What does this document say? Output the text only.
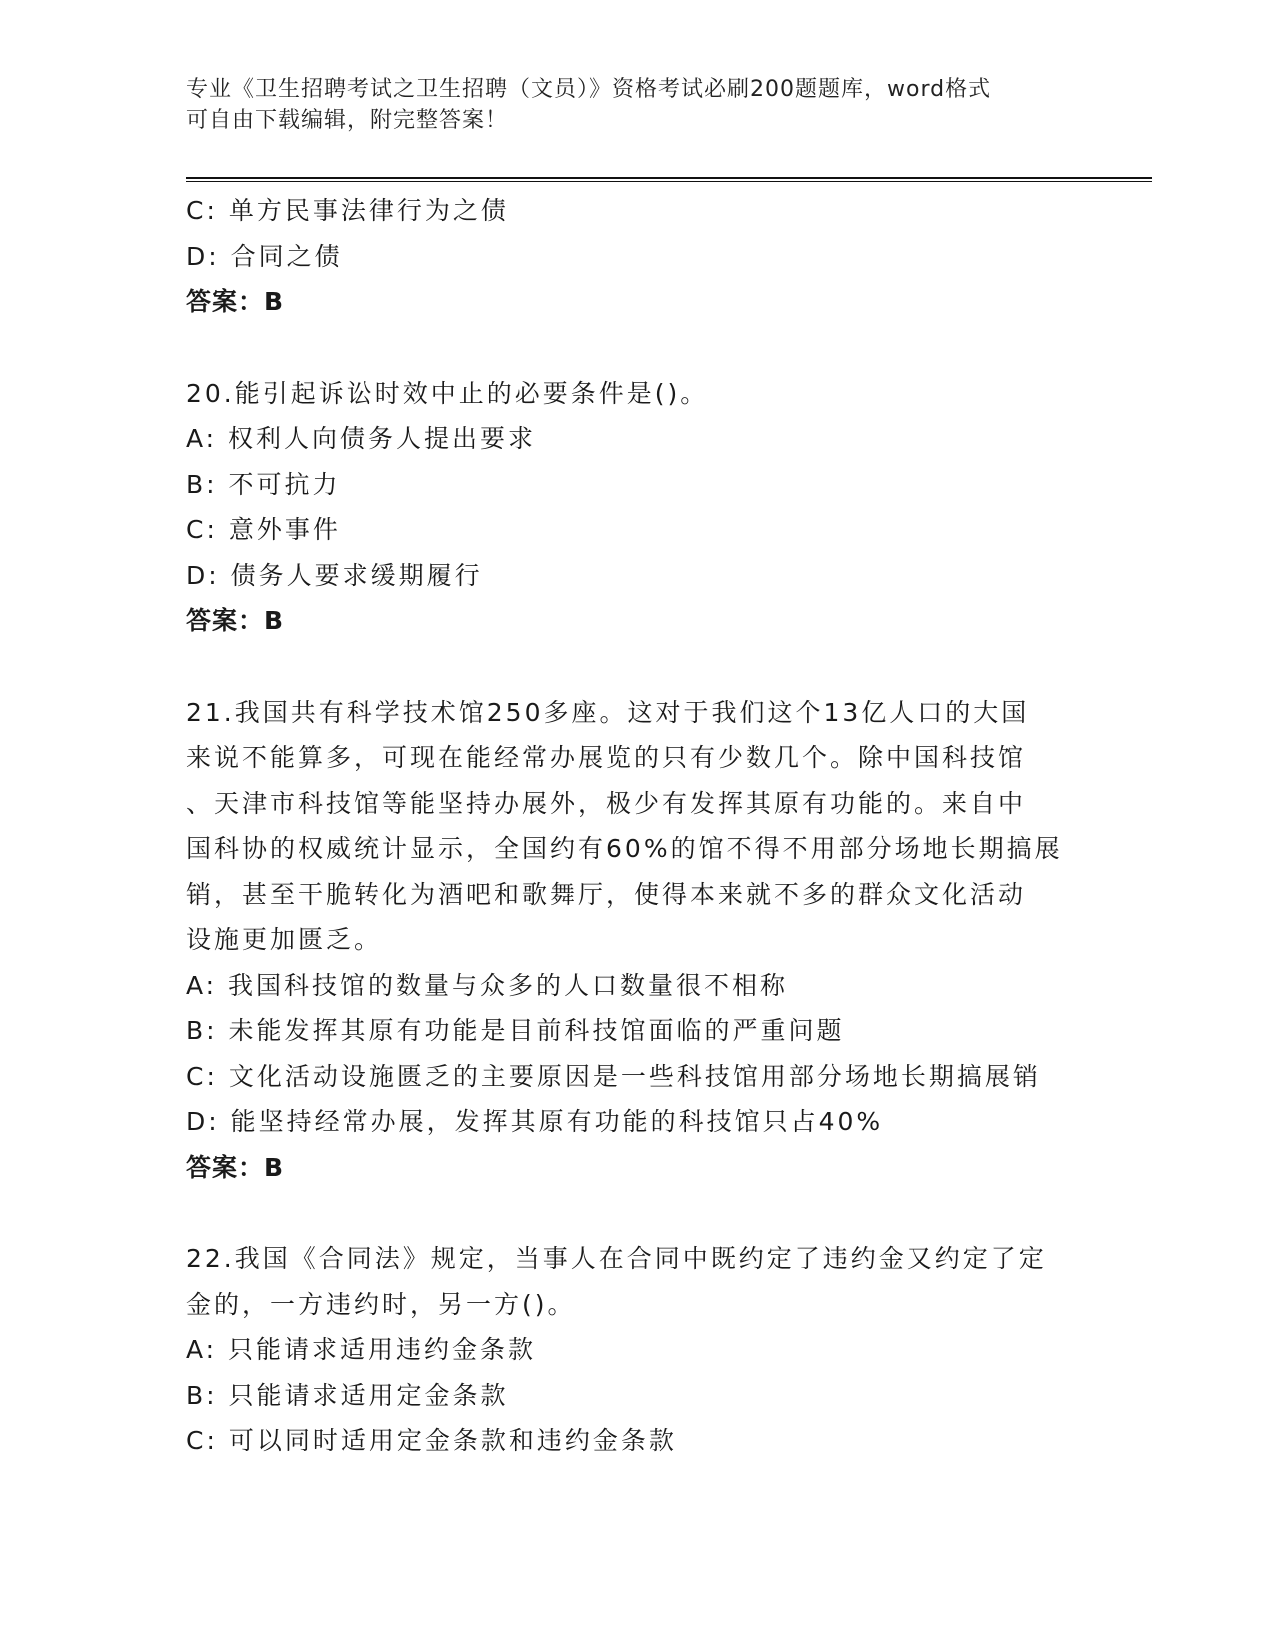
专业《卫生招聘考试之卫生招聘（文员）》资格考试必刷200题题库，word格式
可自由下载编辑，附完整答案！
C: 单方民事法律行为之债
D: 合同之债
答案：B
20.能引起诉讼时效中止的必要条件是()。
A: 权利人向债务人提出要求
B: 不可抗力
C: 意外事件
D: 债务人要求缓期履行
答案：B
21.我国共有科学技术馆250多座。这对于我们这个13亿人口的大国
来说不能算多，可现在能经常办展览的只有少数几个。除中国科技馆
、天津市科技馆等能坚持办展外，极少有发挥其原有功能的。来自中
国科协的权威统计显示，全国约有60%的馆不得不用部分场地长期搞展
销，甚至干脆转化为酒吧和歌舞厅，使得本来就不多的群众文化活动
设施更加匮乏。
A: 我国科技馆的数量与众多的人口数量很不相称
B: 未能发挥其原有功能是目前科技馆面临的严重问题
C: 文化活动设施匮乏的主要原因是一些科技馆用部分场地长期搞展销
D: 能坚持经常办展，发挥其原有功能的科技馆只占40%
答案：B
22.我国《合同法》规定，当事人在合同中既约定了违约金又约定了定
金的，一方违约时，另一方()。
A: 只能请求适用违约金条款
B: 只能请求适用定金条款
C: 可以同时适用定金条款和违约金条款
